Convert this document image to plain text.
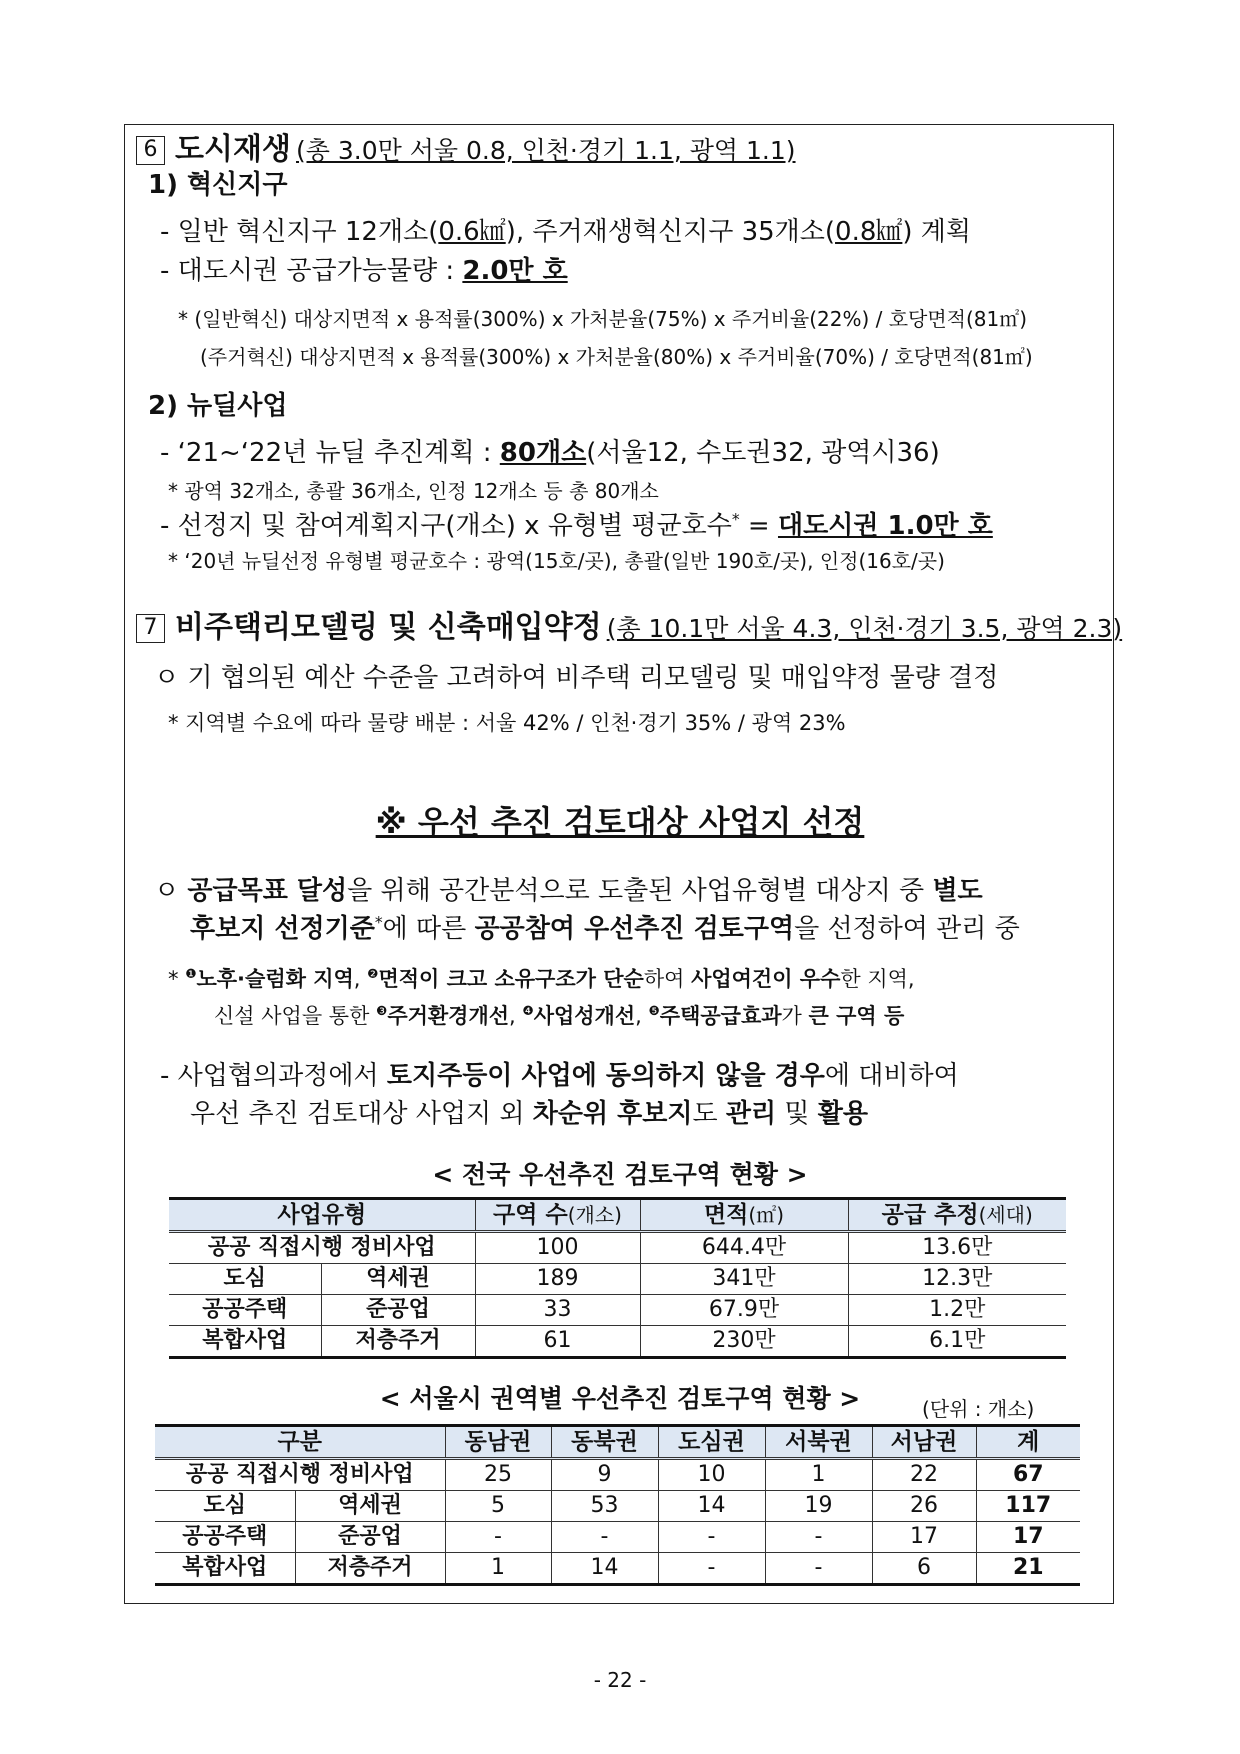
6 도시재생 (총 3.0만 서울 0.8, 인천·경기 1.1, 광역 1.1)
1) 혁신지구
- 일반 혁신지구 12개소(0.6㎢), 주거재생혁신지구 35개소(0.8㎢) 계획
- 대도시권 공급가능물량 : 2.0만 호
* (일반혁신) 대상지면적 x 용적률(300%) x 가처분율(75%) x 주거비율(22%) / 호당면적(81㎡)
(주거혁신) 대상지면적 x 용적률(300%) x 가처분율(80%) x 주거비율(70%) / 호당면적(81㎡)
2) 뉴딜사업
- ‘21~‘22년 뉴딜 추진계획 : 80개소(서울12, 수도권32, 광역시36)
* 광역 32개소, 총괄 36개소, 인정 12개소 등 총 80개소
- 선정지 및 참여계획지구(개소) x 유형별 평균호수* = 대도시권 1.0만 호
* ‘20년 뉴딜선정 유형별 평균호수 : 광역(15호/곳), 총괄(일반 190호/곳), 인정(16호/곳)
7 비주택리모델링 및 신축매입약정 (총 10.1만 서울 4.3, 인천·경기 3.5, 광역 2.3)
ㅇ 기 협의된 예산 수준을 고려하여 비주택 리모델링 및 매입약정 물량 결정
* 지역별 수요에 따라 물량 배분 : 서울 42% / 인천·경기 35% / 광역 23%
※ 우선 추진 검토대상 사업지 선정
ㅇ 공급목표 달성을 위해 공간분석으로 도출된 사업유형별 대상지 중 별도
후보지 선정기준*에 따른 공공참여 우선추진 검토구역을 선정하여 관리 중
* $^❶$노후·슬럼화 지역, $^❷$면적이 크고 소유구조가 단순하여 사업여건이 우수한 지역,
신설 사업을 통한 $^❸$주거환경개선, $^❹$사업성개선, $^❺$주택공급효과가 큰 구역 등
- 사업협의과정에서 토지주등이 사업에 동의하지 않을 경우에 대비하여
우선 추진 검토대상 사업지 외 차순위 후보지도 관리 및 활용
< 전국 우선추진 검토구역 현황 >
사업유형		구역 수(개소)	면적(㎡)	공급 추정(세대)
공공 직접시행 정비사업		100	644.4만	13.6만
도심	역세권	189	341만	12.3만
공공주택	준공업	33	67.9만	1.2만
복합사업	저층주거	61	230만	6.1만
< 서울시 권역별 우선추진 검토구역 현황 >	(단위 : 개소)
구분		동남권	동북권	도심권	서북권	서남권	계
공공 직접시행 정비사업		25	9	10	1	22	67
도심	역세권	5	53	14	19	26	117
공공주택	준공업	-	-	-	-	17	17
복합사업	저층주거	1	14	-	-	6	21
- 22 -
